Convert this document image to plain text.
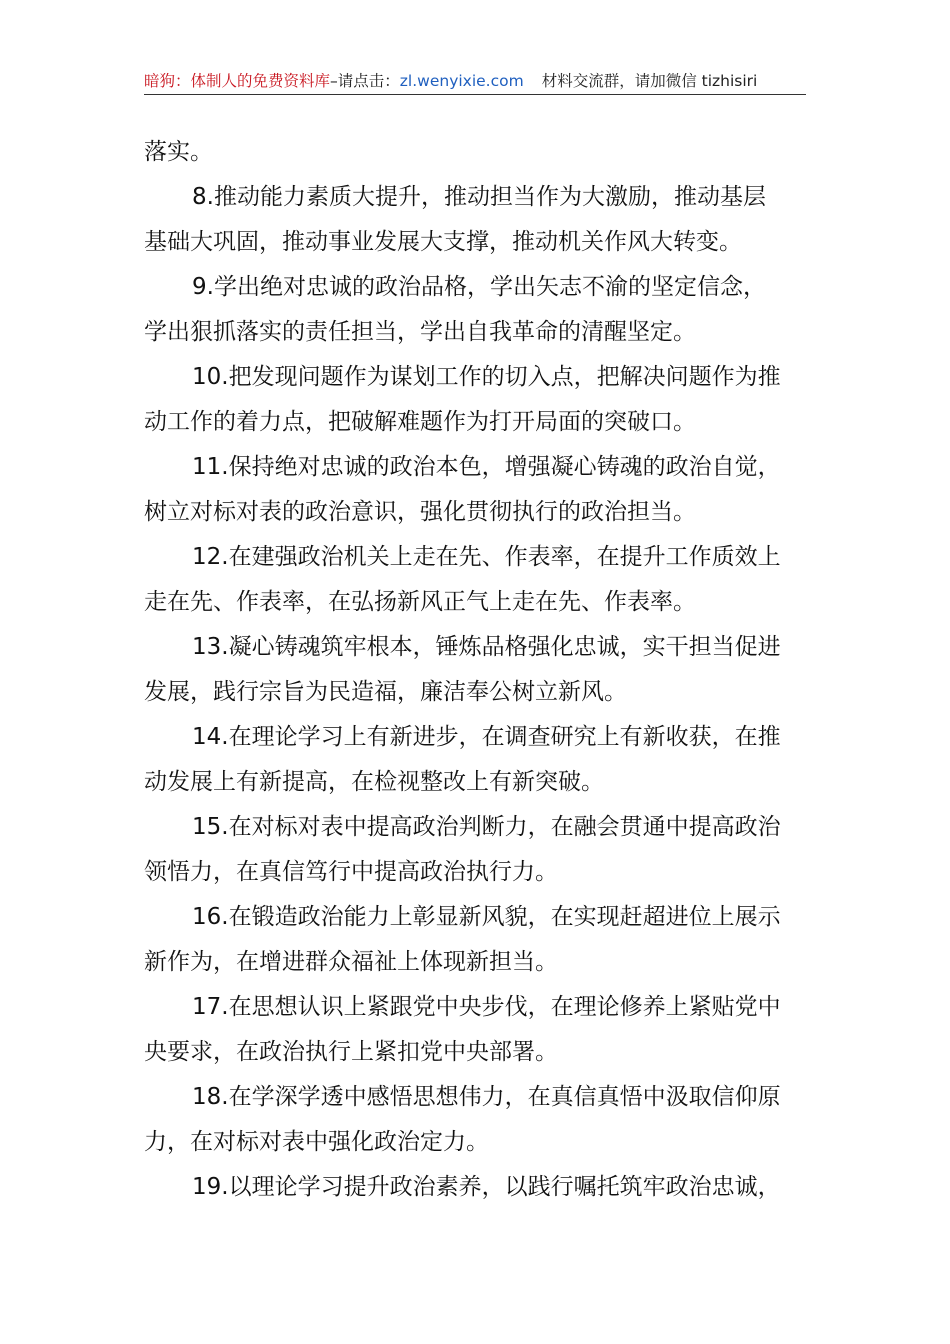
暗狗：体制人的免费资料库–请点击：zl.wenyixie.com 材料交流群，请加微信 tizhisiri
落实。
8.推动能力素质大提升，推动担当作为大激励，推动基层
基础大巩固，推动事业发展大支撑，推动机关作风大转变。
9.学出绝对忠诚的政治品格，学出矢志不渝的坚定信念，
学出狠抓落实的责任担当，学出自我革命的清醒坚定。
10.把发现问题作为谋划工作的切入点，把解决问题作为推
动工作的着力点，把破解难题作为打开局面的突破口。
11.保持绝对忠诚的政治本色，增强凝心铸魂的政治自觉，
树立对标对表的政治意识，强化贯彻执行的政治担当。
12.在建强政治机关上走在先、作表率，在提升工作质效上
走在先、作表率，在弘扬新风正气上走在先、作表率。
13.凝心铸魂筑牢根本，锤炼品格强化忠诚，实干担当促进
发展，践行宗旨为民造福，廉洁奉公树立新风。
14.在理论学习上有新进步，在调查研究上有新收获，在推
动发展上有新提高，在检视整改上有新突破。
15.在对标对表中提高政治判断力，在融会贯通中提高政治
领悟力，在真信笃行中提高政治执行力。
16.在锻造政治能力上彰显新风貌，在实现赶超进位上展示
新作为，在增进群众福祉上体现新担当。
17.在思想认识上紧跟党中央步伐，在理论修养上紧贴党中
央要求，在政治执行上紧扣党中央部署。
18.在学深学透中感悟思想伟力，在真信真悟中汲取信仰原
力，在对标对表中强化政治定力。
19.以理论学习提升政治素养，以践行嘱托筑牢政治忠诚，
